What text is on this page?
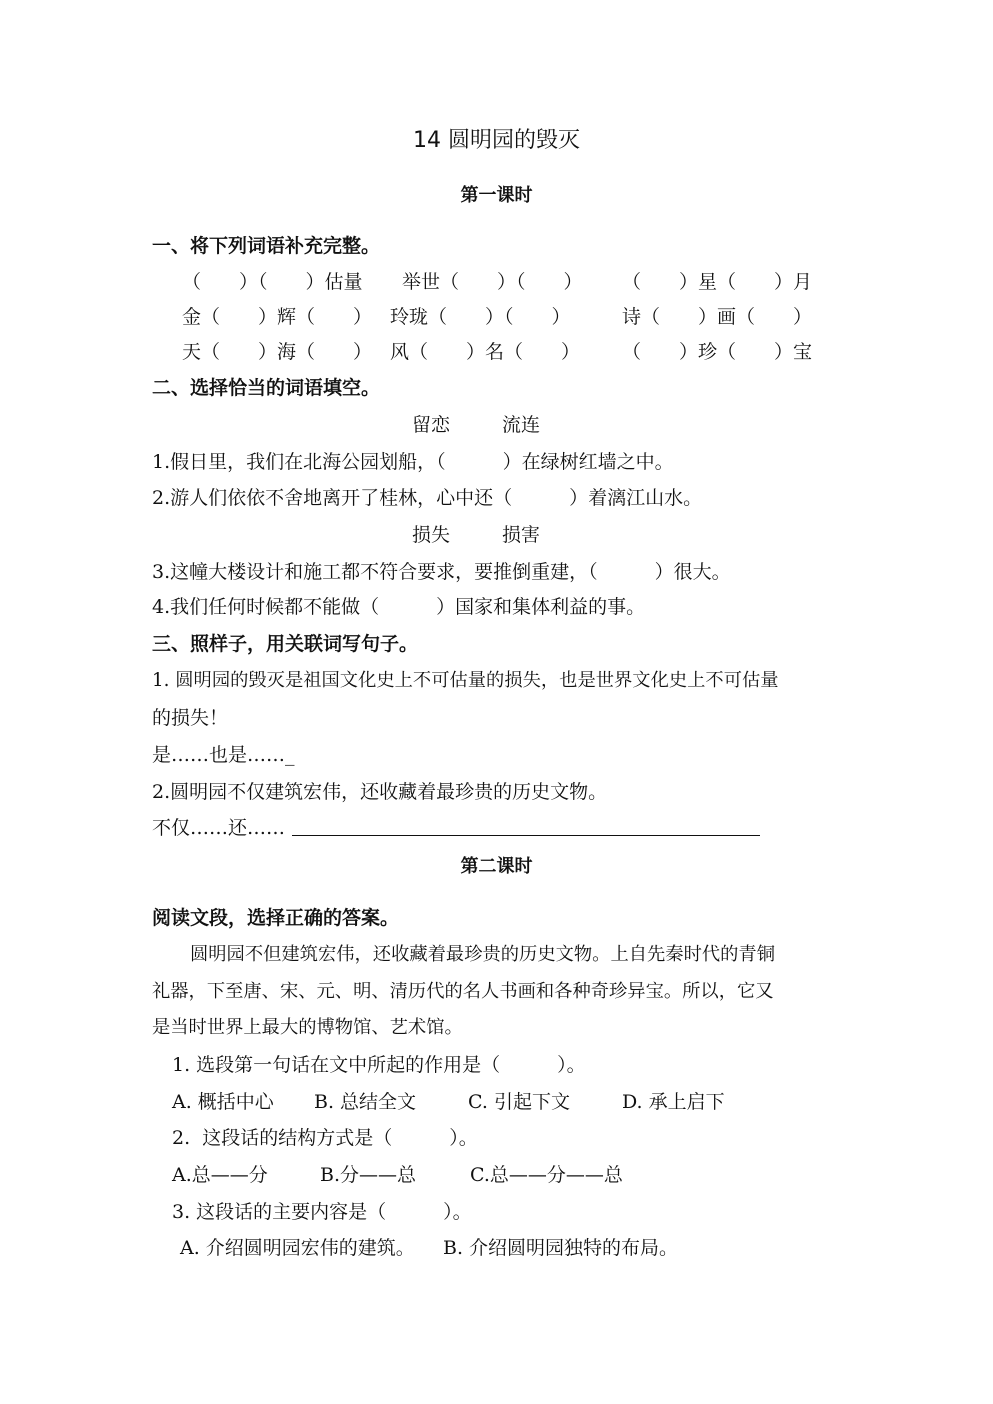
14 圆明园的毁灭
第一课时
一、将下列词语补充完整。
（　　）（　　）估量 举世（　　）（　　） （　　）星（　　）月
金（　　）辉（　　） 玲珑（　　）（　　）	诗（　　）画（　　）
天（　　）海（　　） 风（　　）名（　　） （　　）珍（　　）宝
二、选择恰当的词语填空。
留恋	流连
1.假日里，我们在北海公园划船，（　　　）在绿树红墙之中。
2.游人们依依不舍地离开了桂林，心中还（　　　）着漓江山水。
损失	损害
3.这幢大楼设计和施工都不符合要求，要推倒重建，（　　　）很大。
4.我们任何时候都不能做（　　　）国家和集体利益的事。
三、照样子，用关联词写句子。
1. 圆明园的毁灭是祖国文化史上不可估量的损失，也是世界文化史上不可估量
的损失！
是……也是……_
2.圆明园不仅建筑宏伟，还收藏着最珍贵的历史文物。
不仅……还……
第二课时
阅读文段，选择正确的答案。
圆明园不但建筑宏伟，还收藏着最珍贵的历史文物。上自先秦时代的青铜
礼器，下至唐、宋、元、明、清历代的名人书画和各种奇珍异宝。所以，它又
是当时世界上最大的博物馆、艺术馆。
1. 选段第一句话在文中所起的作用是（　　　）。
A. 概括中心 B. 总结全文	C. 引起下文	D. 承上启下
2.  这段话的结构方式是（　　　）。
A.总——分	B.分——总	C.总——分——总
3. 这段话的主要内容是（　　　）。
A. 介绍圆明园宏伟的建筑。 B. 介绍圆明园独特的布局。
